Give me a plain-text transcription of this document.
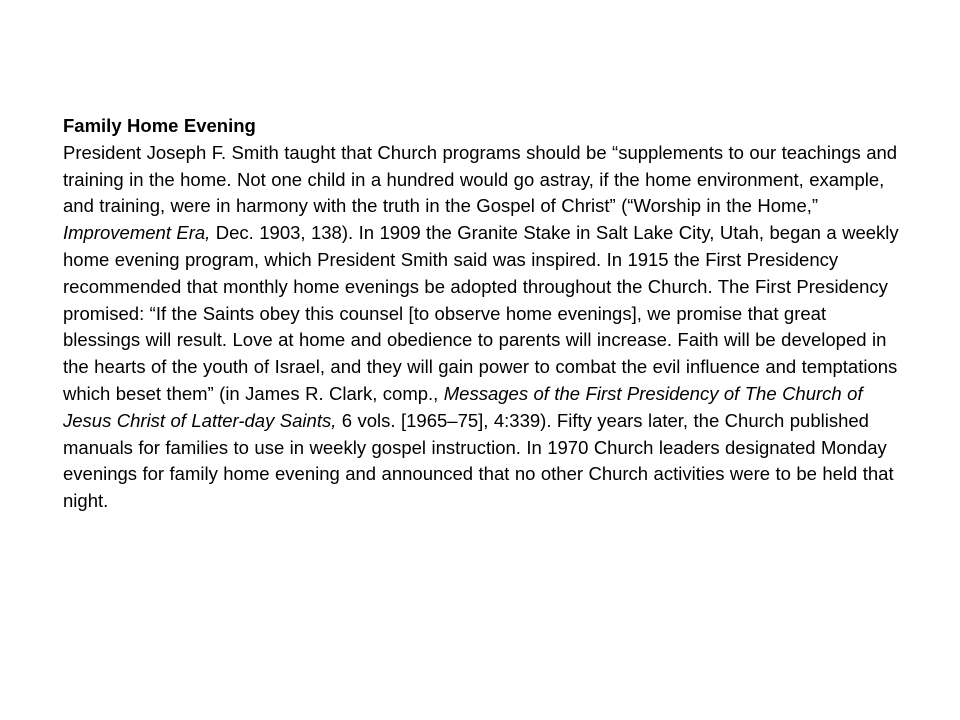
Family Home Evening
President Joseph F. Smith taught that Church programs should be “supplements to our teachings and training in the home. Not one child in a hundred would go astray, if the home environment, example, and training, were in harmony with the truth in the Gospel of Christ” (“Worship in the Home,” Improvement Era, Dec. 1903, 138). In 1909 the Granite Stake in Salt Lake City, Utah, began a weekly home evening program, which President Smith said was inspired. In 1915 the First Presidency recommended that monthly home evenings be adopted throughout the Church. The First Presidency promised: “If the Saints obey this counsel [to observe home evenings], we promise that great blessings will result. Love at home and obedience to parents will increase. Faith will be developed in the hearts of the youth of Israel, and they will gain power to combat the evil influence and temptations which beset them” (in James R. Clark, comp., Messages of the First Presidency of The Church of Jesus Christ of Latter-day Saints, 6 vols. [1965–75], 4:339). Fifty years later, the Church published manuals for families to use in weekly gospel instruction. In 1970 Church leaders designated Monday evenings for family home evening and announced that no other Church activities were to be held that night.
